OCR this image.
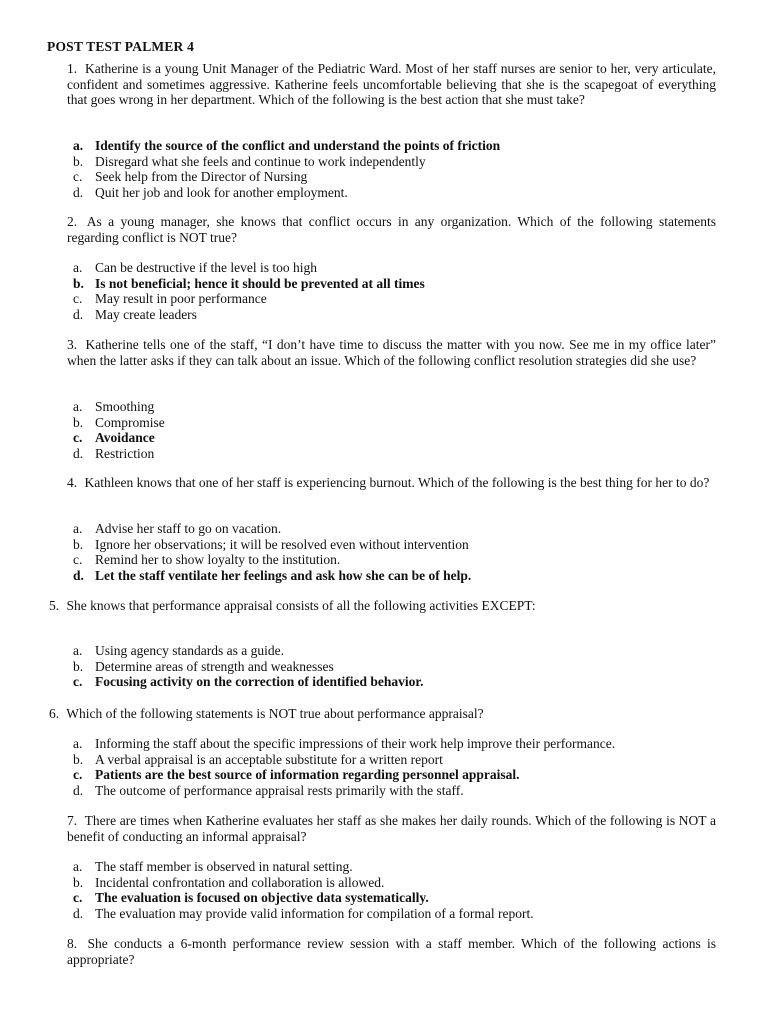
POST TEST PALMER 4
1. Katherine is a young Unit Manager of the Pediatric Ward. Most of her staff nurses are senior to her, very articulate, confident and sometimes aggressive. Katherine feels uncomfortable believing that she is the scapegoat of everything that goes wrong in her department. Which of the following is the best action that she must take?
a. Identify the source of the conflict and understand the points of friction
b. Disregard what she feels and continue to work independently
c. Seek help from the Director of Nursing
d. Quit her job and look for another employment.
2. As a young manager, she knows that conflict occurs in any organization. Which of the following statements regarding conflict is NOT true?
a. Can be destructive if the level is too high
b. Is not beneficial; hence it should be prevented at all times
c. May result in poor performance
d. May create leaders
3. Katherine tells one of the staff, “I don’t have time to discuss the matter with you now. See me in my office later” when the latter asks if they can talk about an issue. Which of the following conflict resolution strategies did she use?
a. Smoothing
b. Compromise
c. Avoidance
d. Restriction
4. Kathleen knows that one of her staff is experiencing burnout. Which of the following is the best thing for her to do?
a. Advise her staff to go on vacation.
b. Ignore her observations; it will be resolved even without intervention
c. Remind her to show loyalty to the institution.
d. Let the staff ventilate her feelings and ask how she can be of help.
5. She knows that performance appraisal consists of all the following activities EXCEPT:
a. Using agency standards as a guide.
b. Determine areas of strength and weaknesses
c. Focusing activity on the correction of identified behavior.
6. Which of the following statements is NOT true about performance appraisal?
a. Informing the staff about the specific impressions of their work help improve their performance.
b. A verbal appraisal is an acceptable substitute for a written report
c. Patients are the best source of information regarding personnel appraisal.
d. The outcome of performance appraisal rests primarily with the staff.
7. There are times when Katherine evaluates her staff as she makes her daily rounds. Which of the following is NOT a benefit of conducting an informal appraisal?
a. The staff member is observed in natural setting.
b. Incidental confrontation and collaboration is allowed.
c. The evaluation is focused on objective data systematically.
d. The evaluation may provide valid information for compilation of a formal report.
8. She conducts a 6-month performance review session with a staff member. Which of the following actions is appropriate?
